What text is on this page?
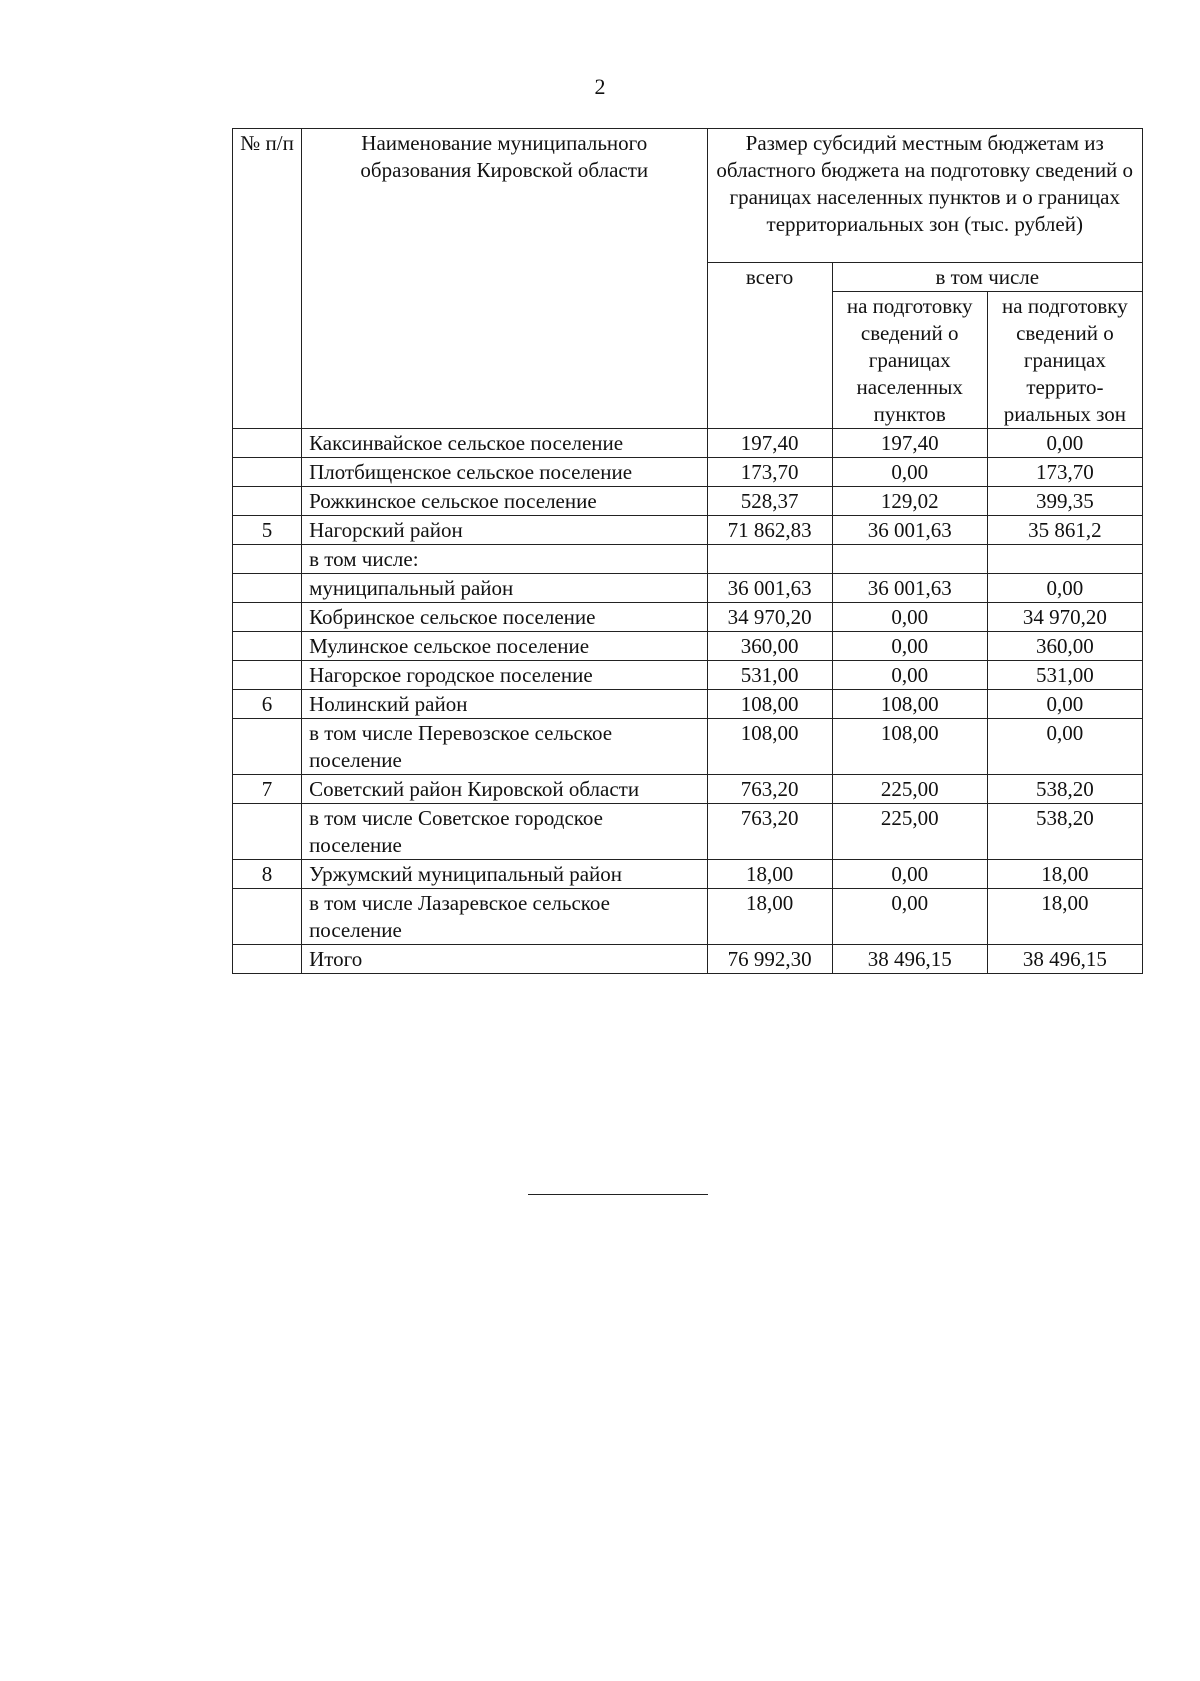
2
№ п/п	Наименование муниципального образования Кировской области	Размер субсидий местным бюджетам из областного бюджета на подготовку сведений о границах населенных пунктов и о границах территориальных зон (тыс. рублей)		
		всего	в том числе	
			на подготовку сведений о границах населенных пунктов	на подготовку сведений о границах террито-риальных зон
	Каксинвайское сельское поселение	197,40	197,40	0,00
	Плотбищенское сельское поселение	173,70	0,00	173,70
	Рожкинское сельское поселение	528,37	129,02	399,35
5	Нагорский район	71 862,83	36 001,63	35 861,2
	в том числе:			
	муниципальный район	36 001,63	36 001,63	0,00
	Кобринское сельское поселение	34 970,20	0,00	34 970,20
	Мулинское сельское поселение	360,00	0,00	360,00
	Нагорское городское поселение	531,00	0,00	531,00
6	Нолинский район	108,00	108,00	0,00
	в том числе Перевозское сельское поселение	108,00	108,00	0,00
7	Советский район Кировской области	763,20	225,00	538,20
	в том числе Советское городское поселение	763,20	225,00	538,20
8	Уржумский муниципальный район	18,00	0,00	18,00
	в том числе Лазаревское сельское поселение	18,00	0,00	18,00
	Итого	76 992,30	38 496,15	38 496,15
